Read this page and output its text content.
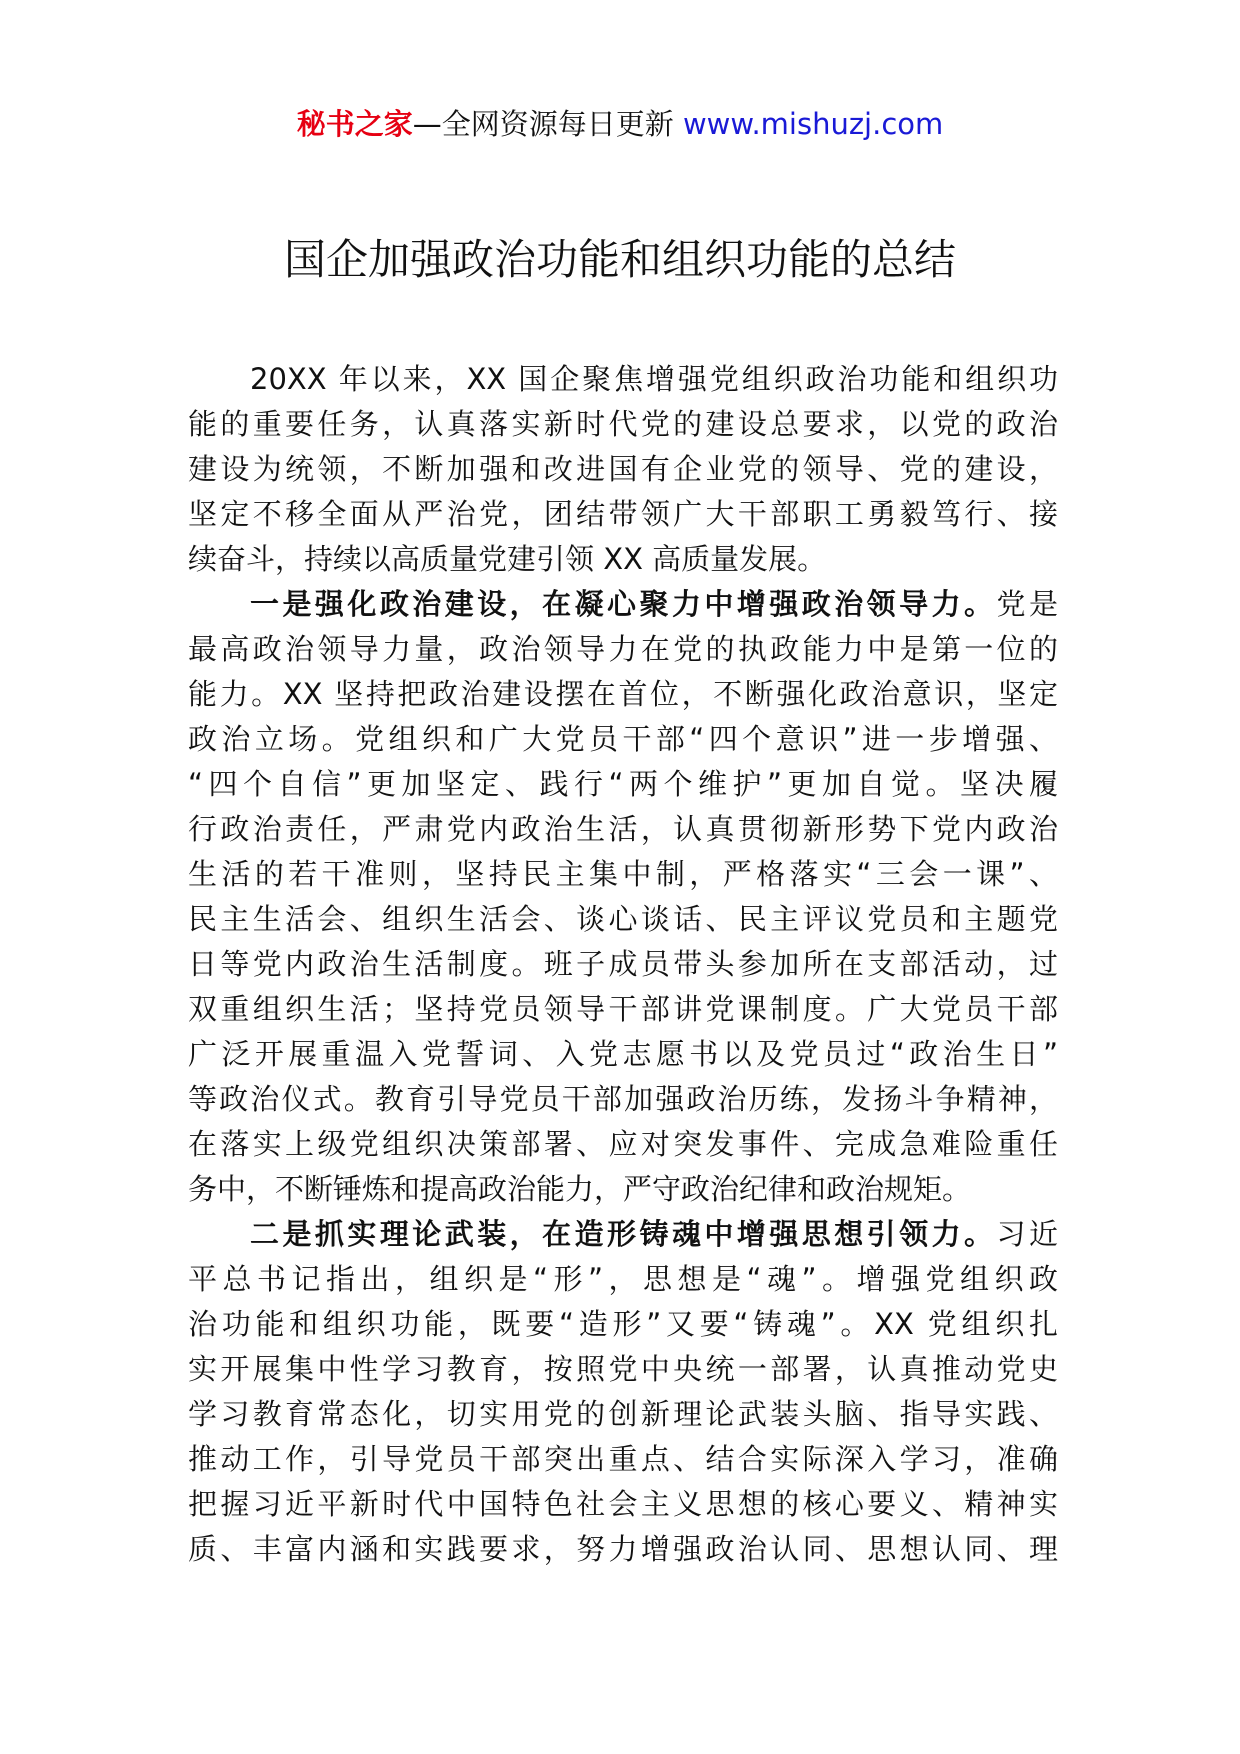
秘书之家—全网资源每日更新 www.mishuzj.com
国企加强政治功能和组织功能的总结
20XX 年以来，XX 国企聚焦增强党组织政治功能和组织功
能的重要任务，认真落实新时代党的建设总要求，以党的政治
建设为统领，不断加强和改进国有企业党的领导、党的建设，
坚定不移全面从严治党，团结带领广大干部职工勇毅笃行、接
续奋斗，持续以高质量党建引领 XX 高质量发展。
一是强化政治建设，在凝心聚力中增强政治领导力。党是
最高政治领导力量，政治领导力在党的执政能力中是第一位的
能力。XX 坚持把政治建设摆在首位，不断强化政治意识，坚定
政治立场。党组织和广大党员干部“四个意识”进一步增强、
“四个自信”更加坚定、践行“两个维护”更加自觉。坚决履
行政治责任，严肃党内政治生活，认真贯彻新形势下党内政治
生活的若干准则，坚持民主集中制，严格落实“三会一课”、
民主生活会、组织生活会、谈心谈话、民主评议党员和主题党
日等党内政治生活制度。班子成员带头参加所在支部活动，过
双重组织生活；坚持党员领导干部讲党课制度。广大党员干部
广泛开展重温入党誓词、入党志愿书以及党员过“政治生日”
等政治仪式。教育引导党员干部加强政治历练，发扬斗争精神，
在落实上级党组织决策部署、应对突发事件、完成急难险重任
务中，不断锤炼和提高政治能力，严守政治纪律和政治规矩。
二是抓实理论武装，在造形铸魂中增强思想引领力。习近
平总书记指出，组织是“形”，思想是“魂”。增强党组织政
治功能和组织功能，既要“造形”又要“铸魂”。XX 党组织扎
实开展集中性学习教育，按照党中央统一部署，认真推动党史
学习教育常态化，切实用党的创新理论武装头脑、指导实践、
推动工作，引导党员干部突出重点、结合实际深入学习，准确
把握习近平新时代中国特色社会主义思想的核心要义、精神实
质、丰富内涵和实践要求，努力增强政治认同、思想认同、理
